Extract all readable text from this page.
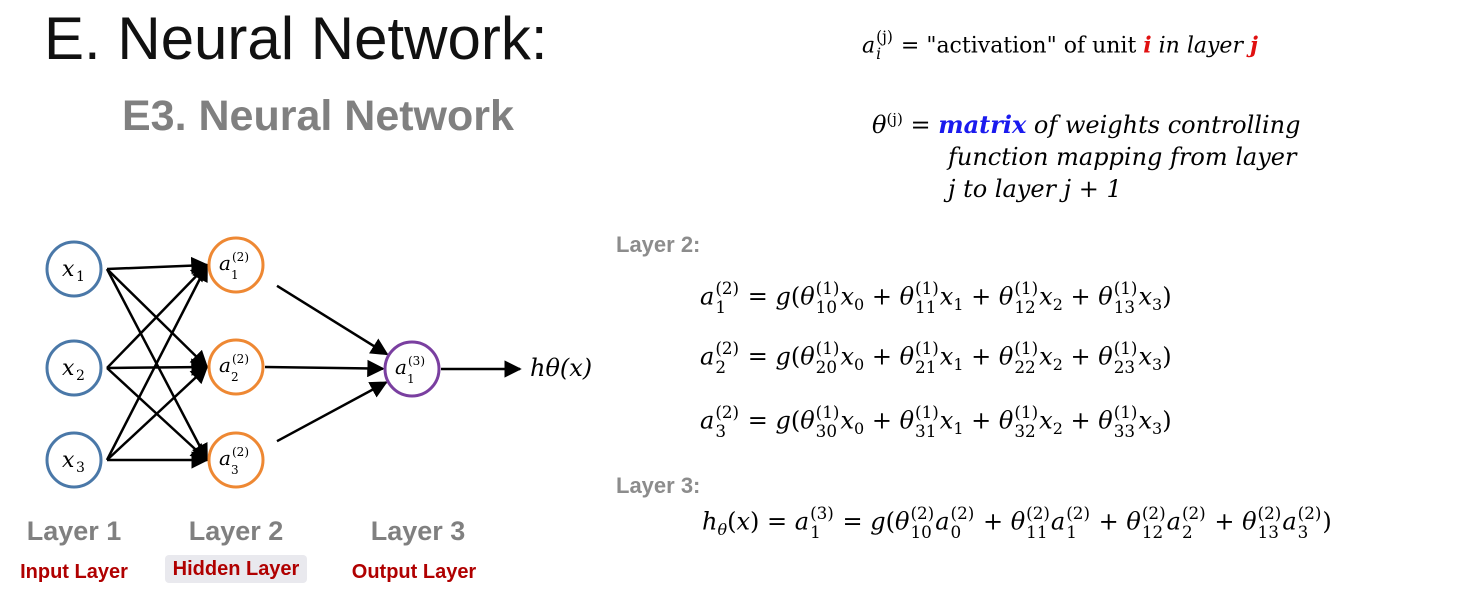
E. Neural Network:
E3. Neural Network
a (j)
i = "activation" of unit i in layer j
$\theta^{(j)}$ = matrix of weights controlling
function mapping from layer
j to layer j + 1
Layer 2:
Layer 3:
a (2)
1 = g(θ (1)
10 $x_0 + \theta$ (1)
11 $x_1 + \theta$ (1)
12 $x_2 + \theta$ (1)
13 $x_3$)
a (2)
2 = g(θ (1)
20 $x_0 + \theta$ (1)
21 $x_1 + \theta$ (1)
22 $x_2 + \theta$ (1)
23 $x_3$)
a (2)
3 = g(θ (1)
30 $x_0 + \theta$ (1)
31 $x_1 + \theta$ (1)
32 $x_2 + \theta$ (1)
33 $x_3$)
$h_\theta(x) = a$ (3)
1 = g(θ (2)
10 a (2)
0 + θ (2)
11 a (2)
1 + θ (2)
12 a (2)
2 + θ (2)
13 a (2)
3 )
x 1
x 2
x 3
a (2)
1
a (2)
2
a (2)
3
a (3)
1	hθ(x)
Layer 1	Layer 2	Layer 3
Input Layer	Hidden Layer	Output Layer
